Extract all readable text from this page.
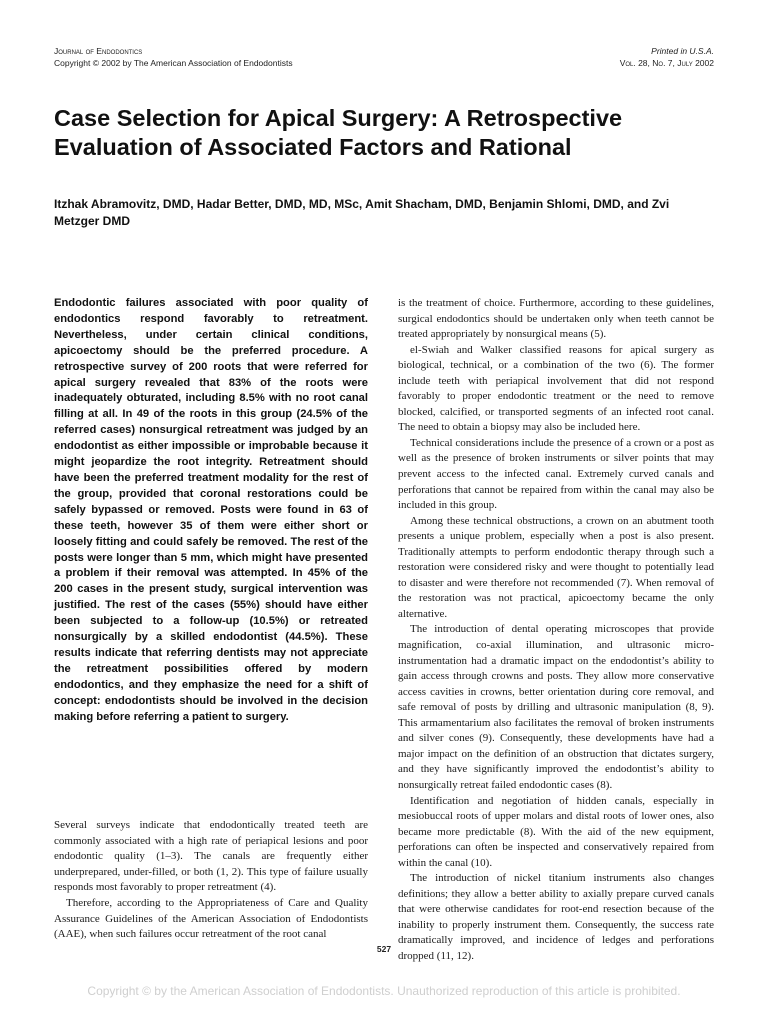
Journal of Endodontics
Copyright © 2002 by The American Association of Endodontists
Printed in U.S.A.
Vol. 28, No. 7, July 2002
Case Selection for Apical Surgery: A Retrospective Evaluation of Associated Factors and Rational

Itzhak Abramovitz, DMD, Hadar Better, DMD, MD, MSc, Amit Shacham, DMD, Benjamin Shlomi, DMD, and Zvi Metzger DMD

Endodontic failures associated with poor quality of endodontics respond favorably to retreatment. Nevertheless, under certain clinical conditions, apicoectomy should be the preferred procedure. A retrospective survey of 200 roots that were referred for apical surgery revealed that 83% of the roots were inadequately obturated, including 8.5% with no root canal filling at all. In 49 of the roots in this group (24.5% of the referred cases) nonsurgical retreatment was judged by an endodontist as either impossible or improbable because it might jeopardize the root integrity. Retreatment should have been the preferred treatment modality for the rest of the group, provided that coronal restorations could be safely bypassed or removed. Posts were found in 63 of these teeth, however 35 of them were either short or loosely fitting and could safely be removed. The rest of the posts were longer than 5 mm, which might have presented a problem if their removal was attempted. In 45% of the 200 cases in the present study, surgical intervention was justified. The rest of the cases (55%) should have either been subjected to a follow-up (10.5%) or retreated nonsurgically by a skilled endodontist (44.5%). These results indicate that referring dentists may not appreciate the retreatment possibilities offered by modern endodontics, and they emphasize the need for a shift of concept: endodontists should be involved in the decision making before referring a patient to surgery.

Several surveys indicate that endodontically treated teeth are commonly associated with a high rate of periapical lesions and poor endodontic quality (1–3). The canals are frequently either underprepared, under-filled, or both (1, 2). This type of failure usually responds most favorably to proper retreatment (4).

Therefore, according to the Appropriateness of Care and Quality Assurance Guidelines of the American Association of Endodontists (AAE), when such failures occur retreatment of the root canal

is the treatment of choice. Furthermore, according to these guidelines, surgical endodontics should be undertaken only when teeth cannot be treated appropriately by nonsurgical means (5).

el-Swiah and Walker classified reasons for apical surgery as biological, technical, or a combination of the two (6). The former include teeth with periapical involvement that did not respond favorably to proper endodontic treatment or the need to remove blocked, calcified, or transported segments of an infected root canal. The need to obtain a biopsy may also be included here.

Technical considerations include the presence of a crown or a post as well as the presence of broken instruments or silver points that may prevent access to the infected canal. Extremely curved canals and perforations that cannot be repaired from within the canal may also be included in this group.

Among these technical obstructions, a crown on an abutment tooth presents a unique problem, especially when a post is also present. Traditionally attempts to perform endodontic therapy through such a restoration were considered risky and were thought to potentially lead to disaster and were therefore not recommended (7). When removal of the restoration was not practical, apicoectomy became the only alternative.

The introduction of dental operating microscopes that provide magnification, co-axial illumination, and ultrasonic micro-instrumentation had a dramatic impact on the endodontist’s ability to gain access through crowns and posts. They allow more conservative access cavities in crowns, better orientation during core removal, and safe removal of posts by drilling and ultrasonic manipulation (8, 9). This armamentarium also facilitates the removal of broken instruments and silver cones (9). Consequently, these developments have had a major impact on the definition of an obstruction that dictates surgery, and they have significantly improved the endodontist’s ability to nonsurgically retreat failed endodontic cases (8).

Identification and negotiation of hidden canals, especially in mesiobuccal roots of upper molars and distal roots of lower ones, also became more predictable (8). With the aid of the new equipment, perforations can often be inspected and conservatively repaired from within the canal (10).

The introduction of nickel titanium instruments also changes definitions; they allow a better ability to axially prepare curved canals that were otherwise candidates for root-end resection because of the inability to properly instrument them. Consequently, the success rate dramatically improved, and incidence of ledges and perforations dropped (11, 12).

527
Copyright © by the American Association of Endodontists. Unauthorized reproduction of this article is prohibited.
